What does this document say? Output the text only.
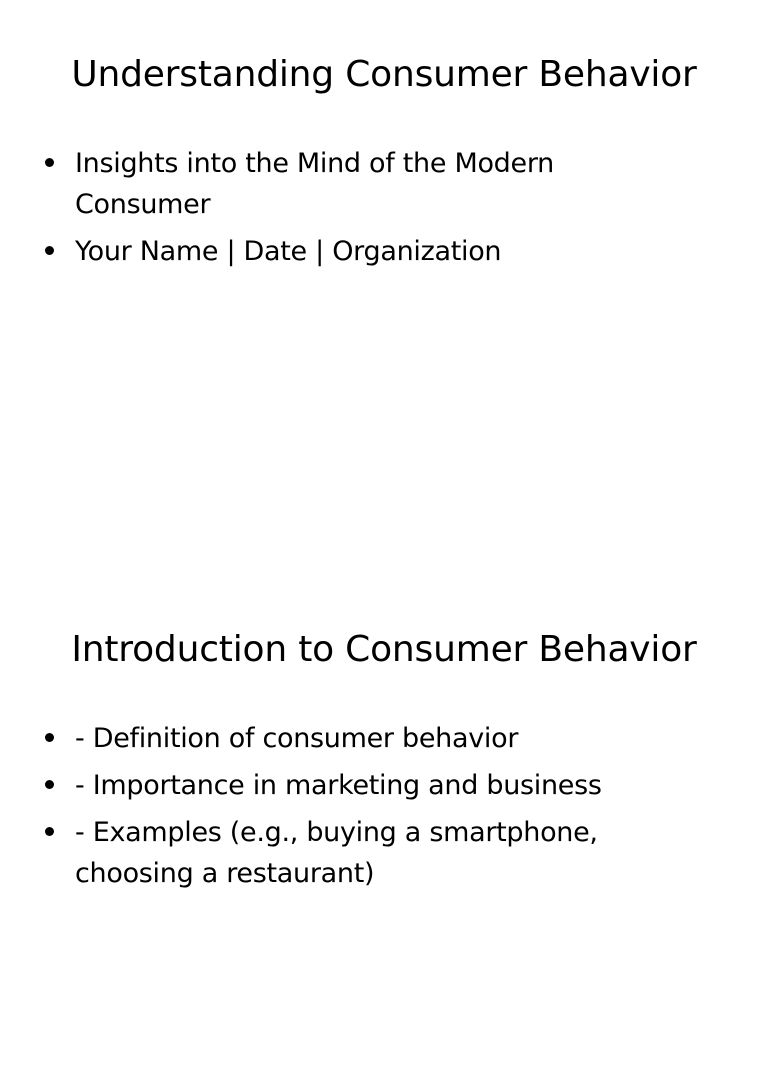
Understanding Consumer Behavior
Insights into the Mind of the Modern Consumer
Your Name | Date | Organization
Introduction to Consumer Behavior
- Definition of consumer behavior
- Importance in marketing and business
- Examples (e.g., buying a smartphone, choosing a restaurant)
